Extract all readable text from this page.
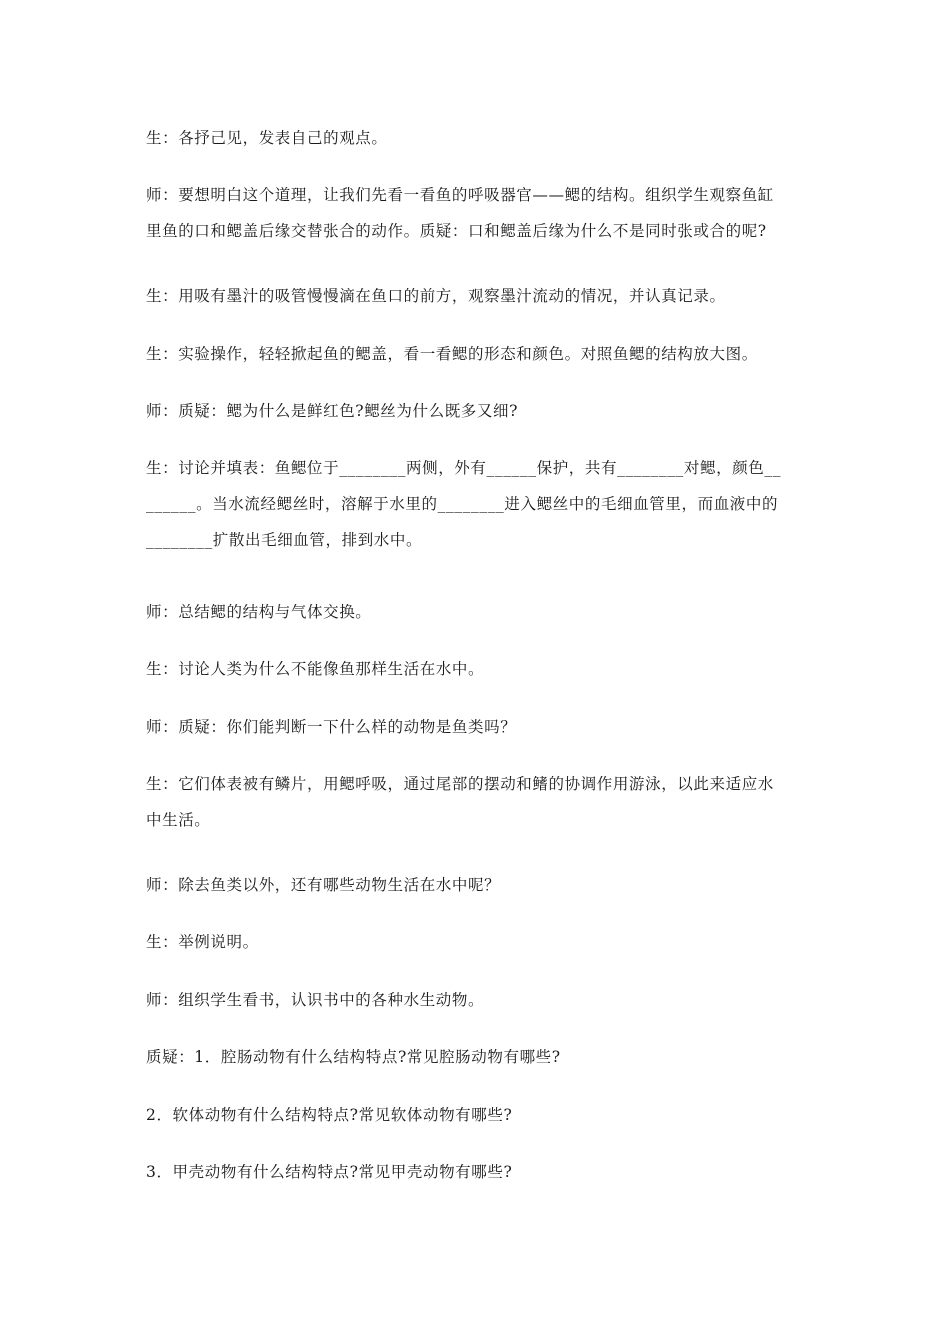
生：各抒己见，发表自己的观点。

师：要想明白这个道理，让我们先看一看鱼的呼吸器官——鳃的结构。组织学生观察鱼缸
里鱼的口和鳃盖后缘交替张合的动作。质疑：口和鳃盖后缘为什么不是同时张或合的呢?

生：用吸有墨汁的吸管慢慢滴在鱼口的前方，观察墨汁流动的情况，并认真记录。

生：实验操作，轻轻掀起鱼的鳃盖，看一看鳃的形态和颜色。对照鱼鳃的结构放大图。

师：质疑：鳃为什么是鲜红色?鳃丝为什么既多又细?

生：讨论并填表：鱼鳃位于________两侧，外有______保护，共有________对鳃，颜色__
______。当水流经鳃丝时，溶解于水里的________进入鳃丝中的毛细血管里，而血液中的
________扩散出毛细血管，排到水中。

师：总结鳃的结构与气体交换。

生：讨论人类为什么不能像鱼那样生活在水中。

师：质疑：你们能判断一下什么样的动物是鱼类吗？

生：它们体表被有鳞片，用鳃呼吸，通过尾部的摆动和鳍的协调作用游泳，以此来适应水
中生活。

师：除去鱼类以外，还有哪些动物生活在水中呢？

生：举例说明。

师：组织学生看书，认识书中的各种水生动物。

质疑：1．腔肠动物有什么结构特点?常见腔肠动物有哪些?

2．软体动物有什么结构特点?常见软体动物有哪些?

3．甲壳动物有什么结构特点?常见甲壳动物有哪些?
